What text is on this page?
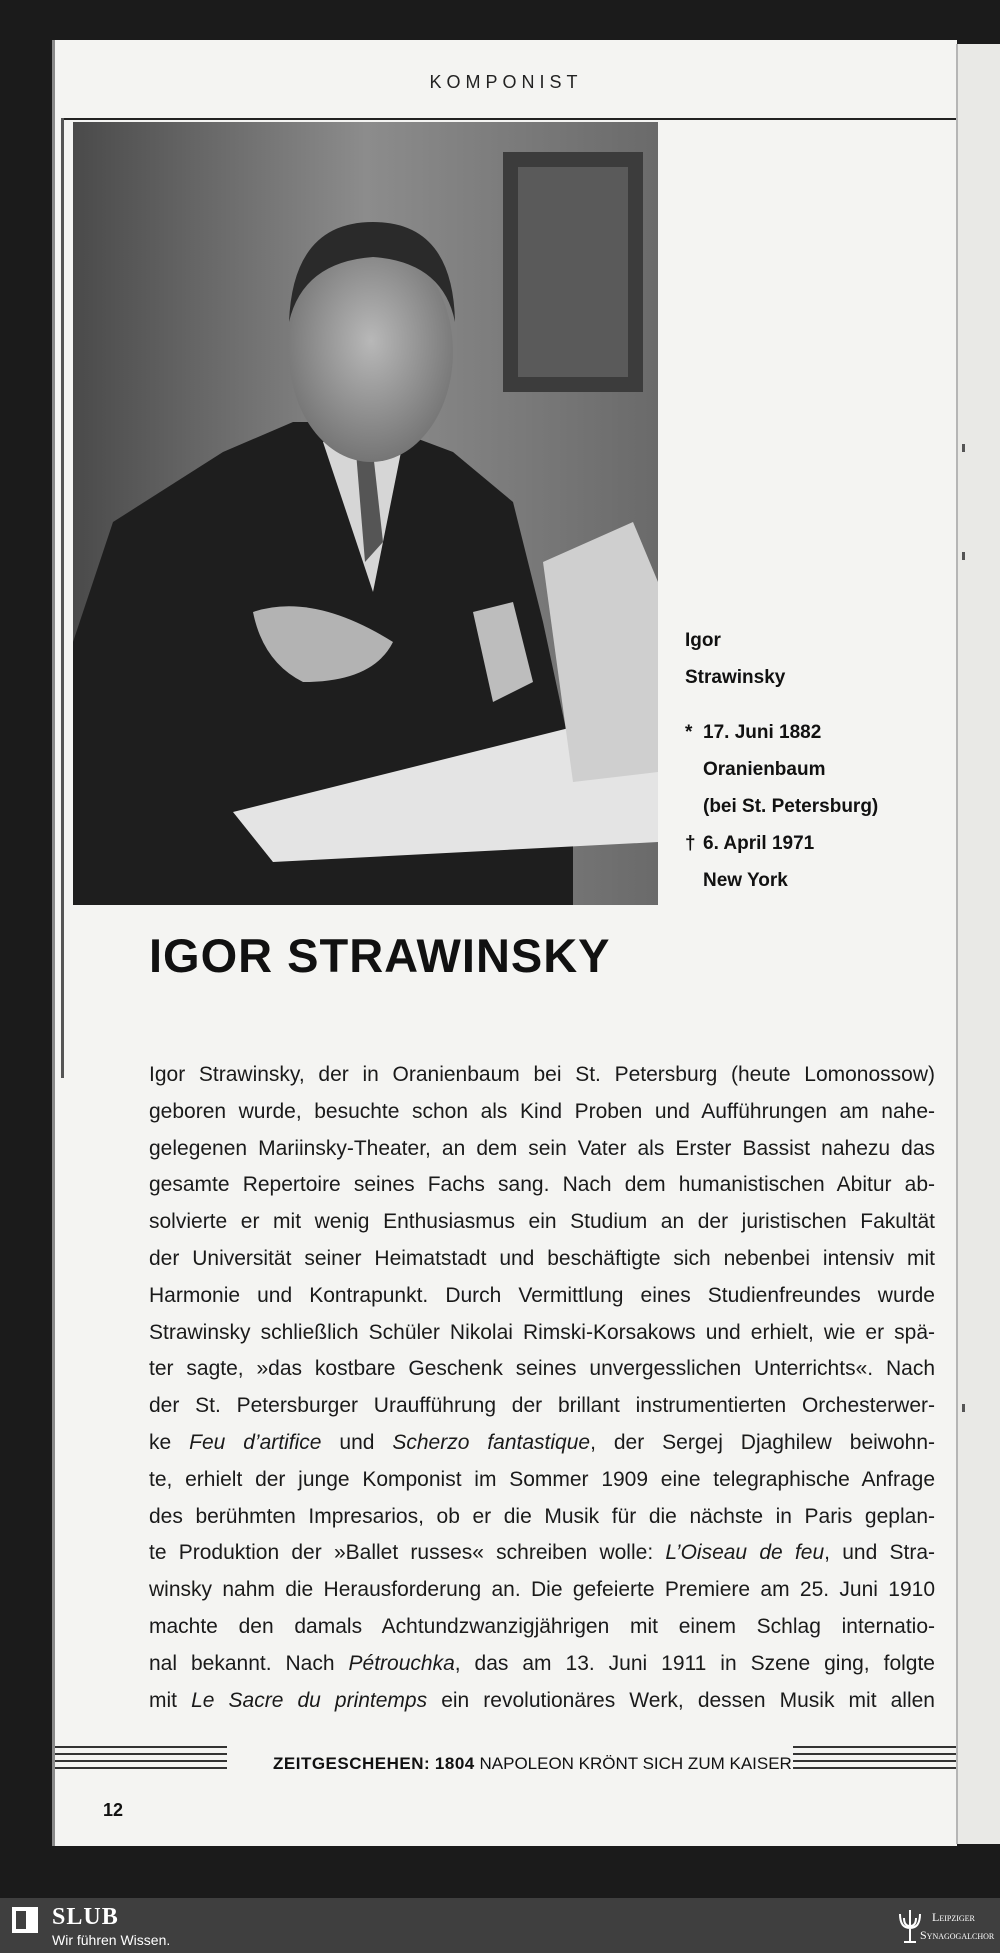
KOMPONIST
Igor
Strawinsky
* 17. Juni 1882
Oranienbaum
(bei St. Petersburg)
† 6. April 1971
New York
IGOR STRAWINSKY
Igor Strawinsky, der in Oranienbaum bei St. Petersburg (heute Lomonossow)
geboren wurde, besuchte schon als Kind Proben und Aufführungen am nahe-
gelegenen Mariinsky-Theater, an dem sein Vater als Erster Bassist nahezu das
gesamte Repertoire seines Fachs sang. Nach dem humanistischen Abitur ab-
solvierte er mit wenig Enthusiasmus ein Studium an der juristischen Fakultät
der Universität seiner Heimatstadt und beschäftigte sich nebenbei intensiv mit
Harmonie und Kontrapunkt. Durch Vermittlung eines Studienfreundes wurde
Strawinsky schließlich Schüler Nikolai Rimski-Korsakows und erhielt, wie er spä-
ter sagte, »das kostbare Geschenk seines unvergesslichen Unterrichts«. Nach
der St. Petersburger Uraufführung der brillant instrumentierten Orchesterwer-
ke Feu d’artifice und Scherzo fantastique, der Sergej Djaghilew beiwohn-
te, erhielt der junge Komponist im Sommer 1909 eine telegraphische Anfrage
des berühmten Impresarios, ob er die Musik für die nächste in Paris geplan-
te Produktion der »Ballet russes« schreiben wolle: L’Oiseau de feu, und Stra-
winsky nahm die Herausforderung an. Die gefeierte Premiere am 25. Juni 1910
machte den damals Achtundzwanzigjährigen mit einem Schlag internatio-
nal bekannt. Nach Pétrouchka, das am 13. Juni 1911 in Szene ging, folgte
mit Le Sacre du printemps ein revolutionäres Werk, dessen Musik mit allen
ZEITGESCHEHEN: 1804 NAPOLEON KRÖNT SICH ZUM KAISER
12
SLUB
Wir führen Wissen.
Leipziger
Synagogalchor
